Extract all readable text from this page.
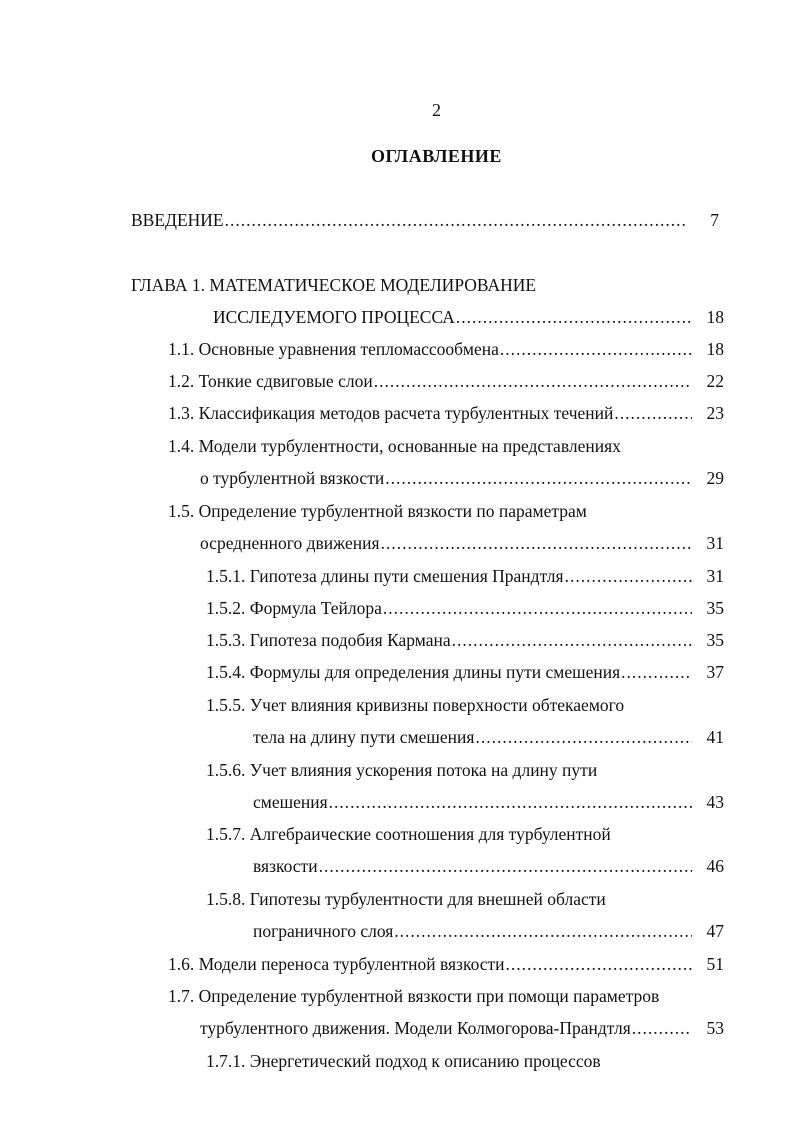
2
ОГЛАВЛЕНИЕ
ВВЕДЕНИЕ .....	7
ГЛАВА 1. МАТЕМАТИЧЕСКОЕ МОДЕЛИРОВАНИЕ
ИССЛЕДУЕМОГО ПРОЦЕССА .....	18
1.1. Основные уравнения тепломассообмена .....	18
1.2. Тонкие сдвиговые слои .....	22
1.3. Классификация методов расчета турбулентных течений .....	23
1.4. Модели турбулентности, основанные на представлениях
о турбулентной вязкости .....	29
1.5. Определение турбулентной вязкости по параметрам
осредненного движения .....	31
1.5.1. Гипотеза длины пути смешения Прандтля .....	31
1.5.2. Формула Тейлора .....	35
1.5.3. Гипотеза подобия Кармана .....	35
1.5.4. Формулы для определения длины пути смешения .....	37
1.5.5. Учет влияния кривизны поверхности обтекаемого
тела на длину пути смешения .....	41
1.5.6. Учет влияния ускорения потока на длину пути
смешения .....	43
1.5.7. Алгебраические соотношения для турбулентной
вязкости .....	46
1.5.8. Гипотезы турбулентности для внешней области
пограничного слоя .....	47
1.6. Модели переноса турбулентной вязкости .....	51
1.7. Определение турбулентной вязкости при помощи параметров
турбулентного движения. Модели Колмогорова-Прандтля .....	53
1.7.1. Энергетический подход к описанию процессов
